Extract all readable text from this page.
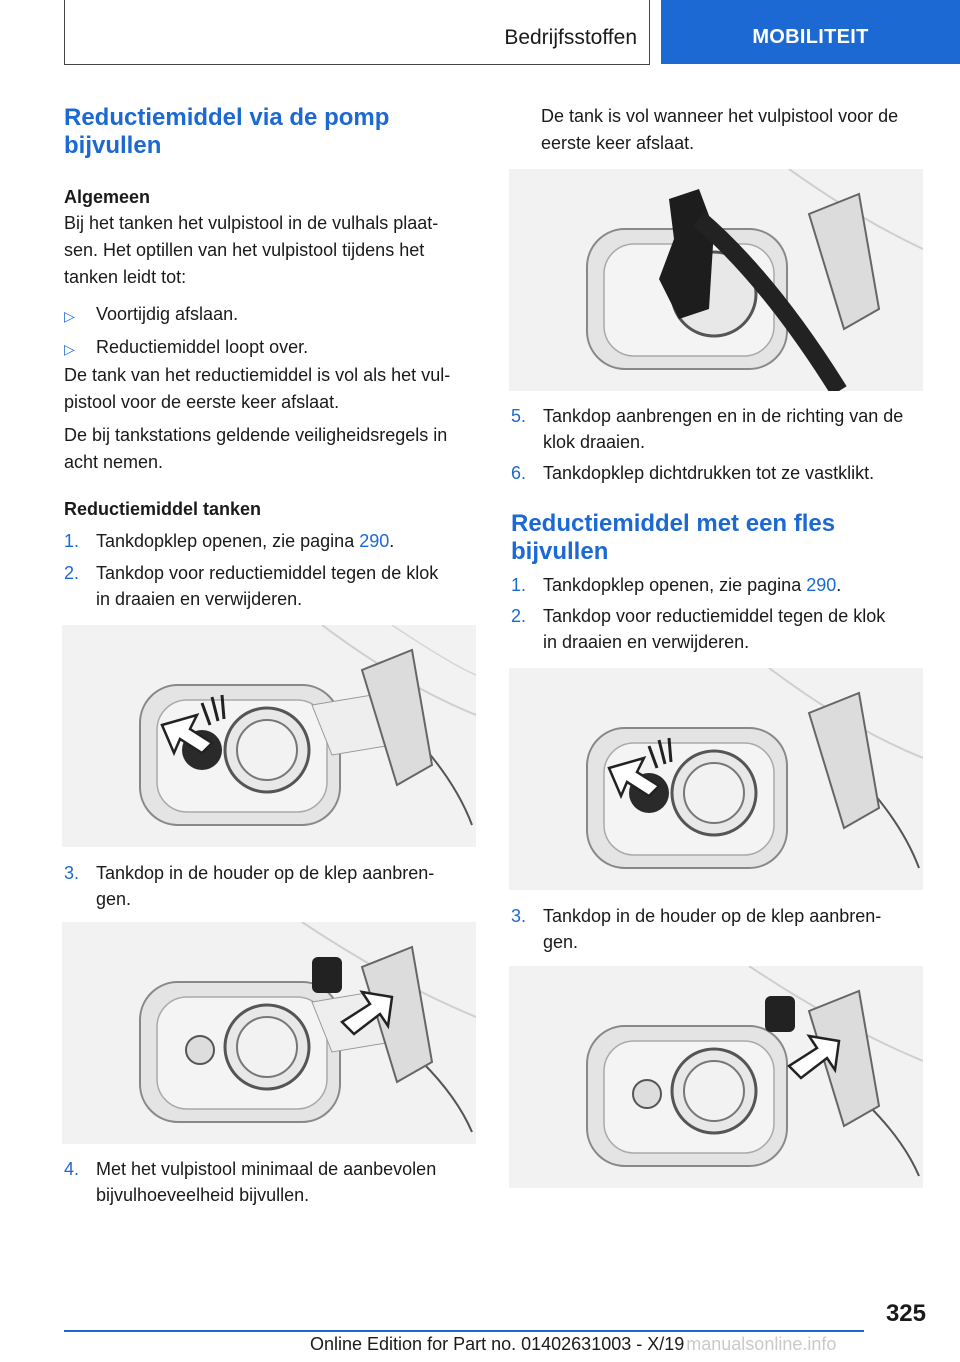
Bedrijfsstoffen	MOBILITEIT
Reductiemiddel via de pomp
bijvullen
Algemeen
Bij het tanken het vulpistool in de vulhals plaat-
sen. Het optillen van het vulpistool tijdens het
tanken leidt tot:
▷ Voortijdig afslaan.
▷ Reductiemiddel loopt over.
De tank van het reductiemiddel is vol als het vul-
pistool voor de eerste keer afslaat.
De bij tankstations geldende veiligheidsregels in
acht nemen.
Reductiemiddel tanken
1. Tankdopklep openen, zie pagina 290.
2. Tankdop voor reductiemiddel tegen de klok
in draaien en verwijderen.
3. Tankdop in de houder op de klep aanbren-
gen.
4. Met het vulpistool minimaal de aanbevolen
bijvulhoeveelheid bijvullen.
De tank is vol wanneer het vulpistool voor de
eerste keer afslaat.
5. Tankdop aanbrengen en in de richting van de
klok draaien.
6. Tankdopklep dichtdrukken tot ze vastklikt.
Reductiemiddel met een fles
bijvullen
1. Tankdopklep openen, zie pagina 290.
2. Tankdop voor reductiemiddel tegen de klok
in draaien en verwijderen.
3. Tankdop in de houder op de klep aanbren-
gen.
325
Online Edition for Part no. 01402631003 - X/19 manualsonline.info
